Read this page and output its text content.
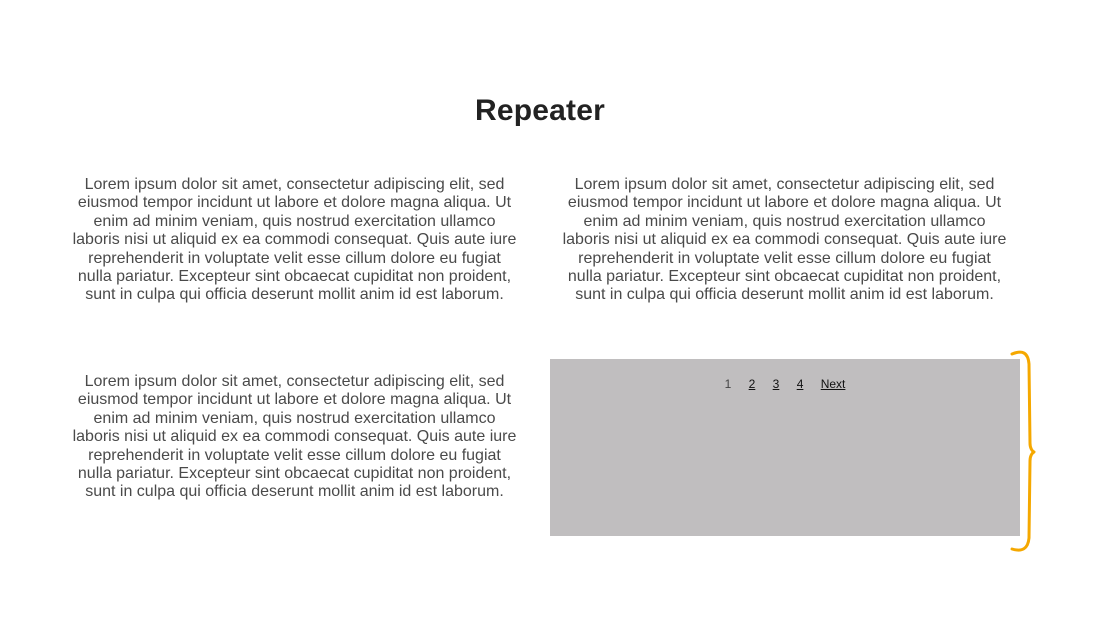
Repeater
Lorem ipsum dolor sit amet, consectetur adipiscing elit, sed eiusmod tempor incidunt ut labore et dolore magna aliqua. Ut enim ad minim veniam, quis nostrud exercitation ullamco laboris nisi ut aliquid ex ea commodi consequat. Quis aute iure reprehenderit in voluptate velit esse cillum dolore eu fugiat nulla pariatur. Excepteur sint obcaecat cupiditat non proident, sunt in culpa qui officia deserunt mollit anim id est laborum.
Lorem ipsum dolor sit amet, consectetur adipiscing elit, sed eiusmod tempor incidunt ut labore et dolore magna aliqua. Ut enim ad minim veniam, quis nostrud exercitation ullamco laboris nisi ut aliquid ex ea commodi consequat. Quis aute iure reprehenderit in voluptate velit esse cillum dolore eu fugiat nulla pariatur. Excepteur sint obcaecat cupiditat non proident, sunt in culpa qui officia deserunt mollit anim id est laborum.
Lorem ipsum dolor sit amet, consectetur adipiscing elit, sed eiusmod tempor incidunt ut labore et dolore magna aliqua. Ut enim ad minim veniam, quis nostrud exercitation ullamco laboris nisi ut aliquid ex ea commodi consequat. Quis aute iure reprehenderit in voluptate velit esse cillum dolore eu fugiat nulla pariatur. Excepteur sint obcaecat cupiditat non proident, sunt in culpa qui officia deserunt mollit anim id est laborum.
1 2 3 4 Next
